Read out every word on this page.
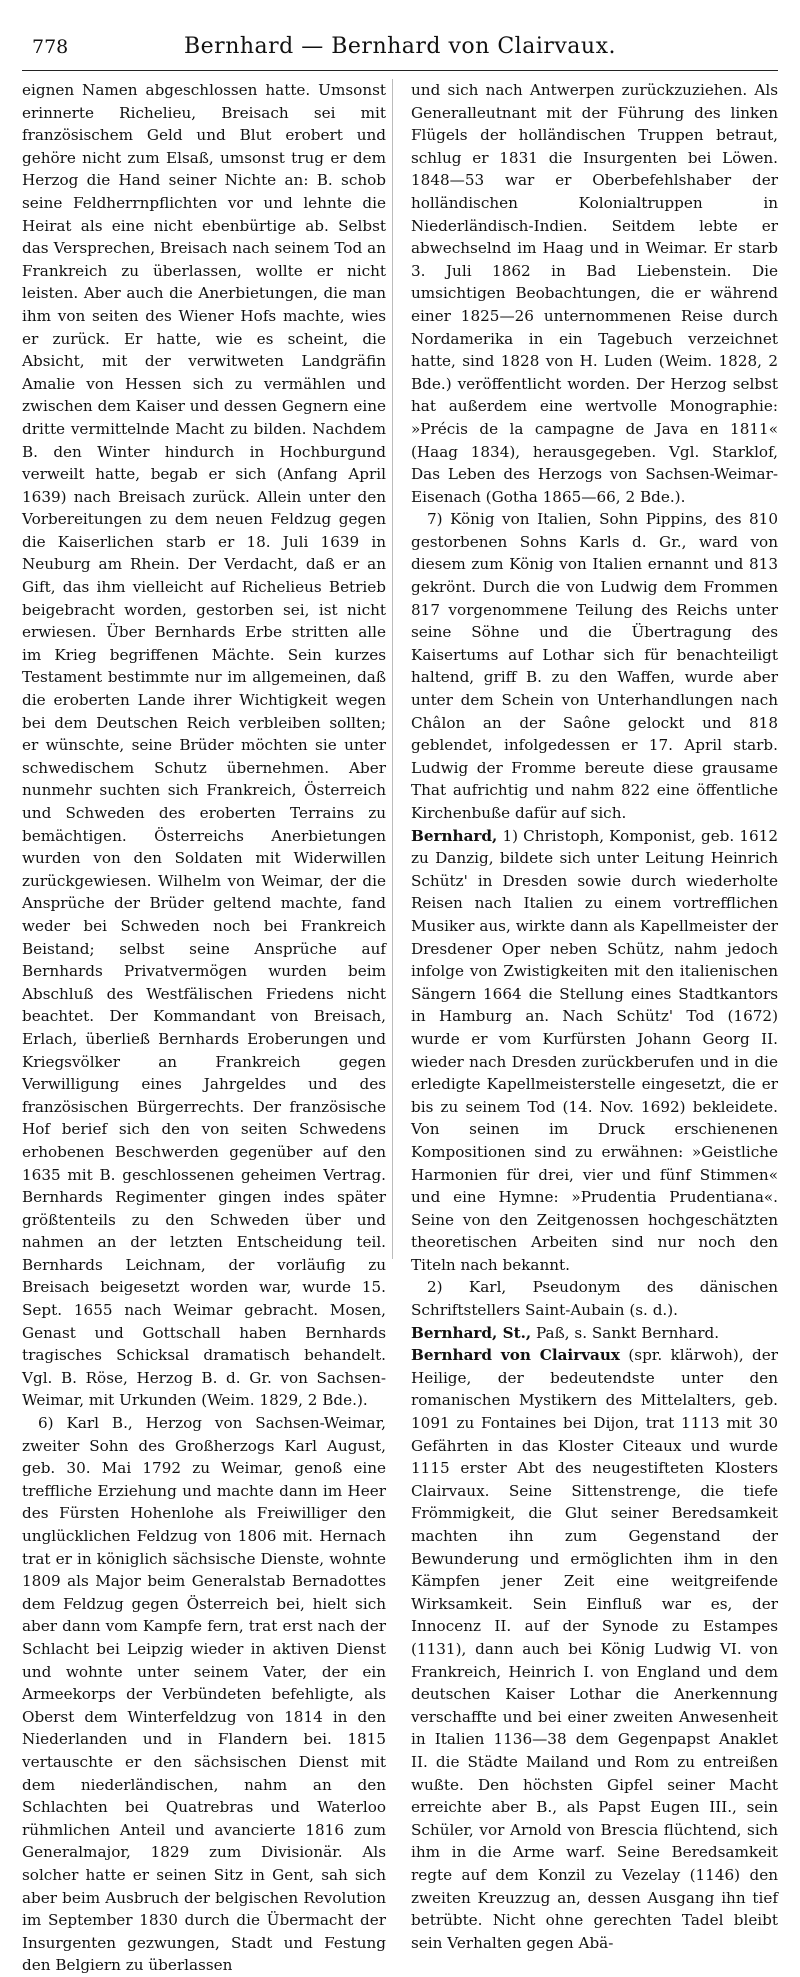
778	Bernhard — Bernhard von Clairvaux.

eignen Namen abgeschlossen hatte. Umsonst erinnerte Richelieu, Breisach sei mit französischem Geld und Blut erobert und gehöre nicht zum Elsaß, umsonst trug er dem Herzog die Hand seiner Nichte an: B. schob seine Feldherrnpflichten vor und lehnte die Heirat als eine nicht ebenbürtige ab. Selbst das Versprechen, Breisach nach seinem Tod an Frankreich zu überlassen, wollte er nicht leisten. Aber auch die Anerbietungen, die man ihm von seiten des Wiener Hofs machte, wies er zurück. Er hatte, wie es scheint, die Absicht, mit der verwitweten Landgräfin Amalie von Hessen sich zu vermählen und zwischen dem Kaiser und dessen Gegnern eine dritte vermittelnde Macht zu bilden. Nachdem B. den Winter hindurch in Hochburgund verweilt hatte, begab er sich (Anfang April 1639) nach Breisach zurück. Allein unter den Vorbereitungen zu dem neuen Feldzug gegen die Kaiserlichen starb er 18. Juli 1639 in Neuburg am Rhein. Der Verdacht, daß er an Gift, das ihm vielleicht auf Richelieus Betrieb beigebracht worden, gestorben sei, ist nicht erwiesen. Über Bernhards Erbe stritten alle im Krieg begriffenen Mächte. Sein kurzes Testament bestimmte nur im allgemeinen, daß die eroberten Lande ihrer Wichtigkeit wegen bei dem Deutschen Reich verbleiben sollten; er wünschte, seine Brüder möchten sie unter schwedischem Schutz übernehmen. Aber nunmehr suchten sich Frankreich, Österreich und Schweden des eroberten Terrains zu bemächtigen. Österreichs Anerbietungen wurden von den Soldaten mit Widerwillen zurückgewiesen. Wilhelm von Weimar, der die Ansprüche der Brüder geltend machte, fand weder bei Schweden noch bei Frankreich Beistand; selbst seine Ansprüche auf Bernhards Privatvermögen wurden beim Abschluß des Westfälischen Friedens nicht beachtet. Der Kommandant von Breisach, Erlach, überließ Bernhards Eroberungen und Kriegsvölker an Frankreich gegen Verwilligung eines Jahrgeldes und des französischen Bürgerrechts. Der französische Hof berief sich den von seiten Schwedens erhobenen Beschwerden gegenüber auf den 1635 mit B. geschlossenen geheimen Vertrag. Bernhards Regimenter gingen indes später größtenteils zu den Schweden über und nahmen an der letzten Entscheidung teil. Bernhards Leichnam, der vorläufig zu Breisach beigesetzt worden war, wurde 15. Sept. 1655 nach Weimar gebracht. Mosen, Genast und Gottschall haben Bernhards tragisches Schicksal dramatisch behandelt. Vgl. B. Röse, Herzog B. d. Gr. von Sachsen-Weimar, mit Urkunden (Weim. 1829, 2 Bde.).

6) Karl B., Herzog von Sachsen-Weimar, zweiter Sohn des Großherzogs Karl August, geb. 30. Mai 1792 zu Weimar, genoß eine treffliche Erziehung und machte dann im Heer des Fürsten Hohenlohe als Freiwilliger den unglücklichen Feldzug von 1806 mit. Hernach trat er in königlich sächsische Dienste, wohnte 1809 als Major beim Generalstab Bernadottes dem Feldzug gegen Österreich bei, hielt sich aber dann vom Kampfe fern, trat erst nach der Schlacht bei Leipzig wieder in aktiven Dienst und wohnte unter seinem Vater, der ein Armeekorps der Verbündeten befehligte, als Oberst dem Winterfeldzug von 1814 in den Niederlanden und in Flandern bei. 1815 vertauschte er den sächsischen Dienst mit dem niederländischen, nahm an den Schlachten bei Quatrebras und Waterloo rühmlichen Anteil und avancierte 1816 zum Generalmajor, 1829 zum Divisionär. Als solcher hatte er seinen Sitz in Gent, sah sich aber beim Ausbruch der belgischen Revolution im September 1830 durch die Übermacht der Insurgenten gezwungen, Stadt und Festung den Belgiern zu überlassen

und sich nach Antwerpen zurückzuziehen. Als Generalleutnant mit der Führung des linken Flügels der holländischen Truppen betraut, schlug er 1831 die Insurgenten bei Löwen. 1848—53 war er Oberbefehlshaber der holländischen Kolonialtruppen in Niederländisch-Indien. Seitdem lebte er abwechselnd im Haag und in Weimar. Er starb 3. Juli 1862 in Bad Liebenstein. Die umsichtigen Beobachtungen, die er während einer 1825—26 unternommenen Reise durch Nordamerika in ein Tagebuch verzeichnet hatte, sind 1828 von H. Luden (Weim. 1828, 2 Bde.) veröffentlicht worden. Der Herzog selbst hat außerdem eine wertvolle Monographie: »Précis de la campagne de Java en 1811« (Haag 1834), herausgegeben. Vgl. Starklof, Das Leben des Herzogs von Sachsen-Weimar-Eisenach (Gotha 1865—66, 2 Bde.).

7) König von Italien, Sohn Pippins, des 810 gestorbenen Sohns Karls d. Gr., ward von diesem zum König von Italien ernannt und 813 gekrönt. Durch die von Ludwig dem Frommen 817 vorgenommene Teilung des Reichs unter seine Söhne und die Übertragung des Kaisertums auf Lothar sich für benachteiligt haltend, griff B. zu den Waffen, wurde aber unter dem Schein von Unterhandlungen nach Châlon an der Saône gelockt und 818 geblendet, infolgedessen er 17. April starb. Ludwig der Fromme bereute diese grausame That aufrichtig und nahm 822 eine öffentliche Kirchenbuße dafür auf sich.

Bernhard, 1) Christoph, Komponist, geb. 1612 zu Danzig, bildete sich unter Leitung Heinrich Schütz' in Dresden sowie durch wiederholte Reisen nach Italien zu einem vortrefflichen Musiker aus, wirkte dann als Kapellmeister der Dresdener Oper neben Schütz, nahm jedoch infolge von Zwistigkeiten mit den italienischen Sängern 1664 die Stellung eines Stadtkantors in Hamburg an. Nach Schütz' Tod (1672) wurde er vom Kurfürsten Johann Georg II. wieder nach Dresden zurückberufen und in die erledigte Kapellmeisterstelle eingesetzt, die er bis zu seinem Tod (14. Nov. 1692) bekleidete. Von seinen im Druck erschienenen Kompositionen sind zu erwähnen: »Geistliche Harmonien für drei, vier und fünf Stimmen« und eine Hymne: »Prudentia Prudentiana«. Seine von den Zeitgenossen hochgeschätzten theoretischen Arbeiten sind nur noch den Titeln nach bekannt.

2) Karl, Pseudonym des dänischen Schriftstellers Saint-Aubain (s. d.).

Bernhard, St., Paß, s. Sankt Bernhard.

Bernhard von Clairvaux (spr. klärwoh), der Heilige, der bedeutendste unter den romanischen Mystikern des Mittelalters, geb. 1091 zu Fontaines bei Dijon, trat 1113 mit 30 Gefährten in das Kloster Citeaux und wurde 1115 erster Abt des neugestifteten Klosters Clairvaux. Seine Sittenstrenge, die tiefe Frömmigkeit, die Glut seiner Beredsamkeit machten ihn zum Gegenstand der Bewunderung und ermöglichten ihm in den Kämpfen jener Zeit eine weitgreifende Wirksamkeit. Sein Einfluß war es, der Innocenz II. auf der Synode zu Estampes (1131), dann auch bei König Ludwig VI. von Frankreich, Heinrich I. von England und dem deutschen Kaiser Lothar die Anerkennung verschaffte und bei einer zweiten Anwesenheit in Italien 1136—38 dem Gegenpapst Anaklet II. die Städte Mailand und Rom zu entreißen wußte. Den höchsten Gipfel seiner Macht erreichte aber B., als Papst Eugen III., sein Schüler, vor Arnold von Brescia flüchtend, sich ihm in die Arme warf. Seine Beredsamkeit regte auf dem Konzil zu Vezelay (1146) den zweiten Kreuzzug an, dessen Ausgang ihn tief betrübte. Nicht ohne gerechten Tadel bleibt sein Verhalten gegen Abä-
